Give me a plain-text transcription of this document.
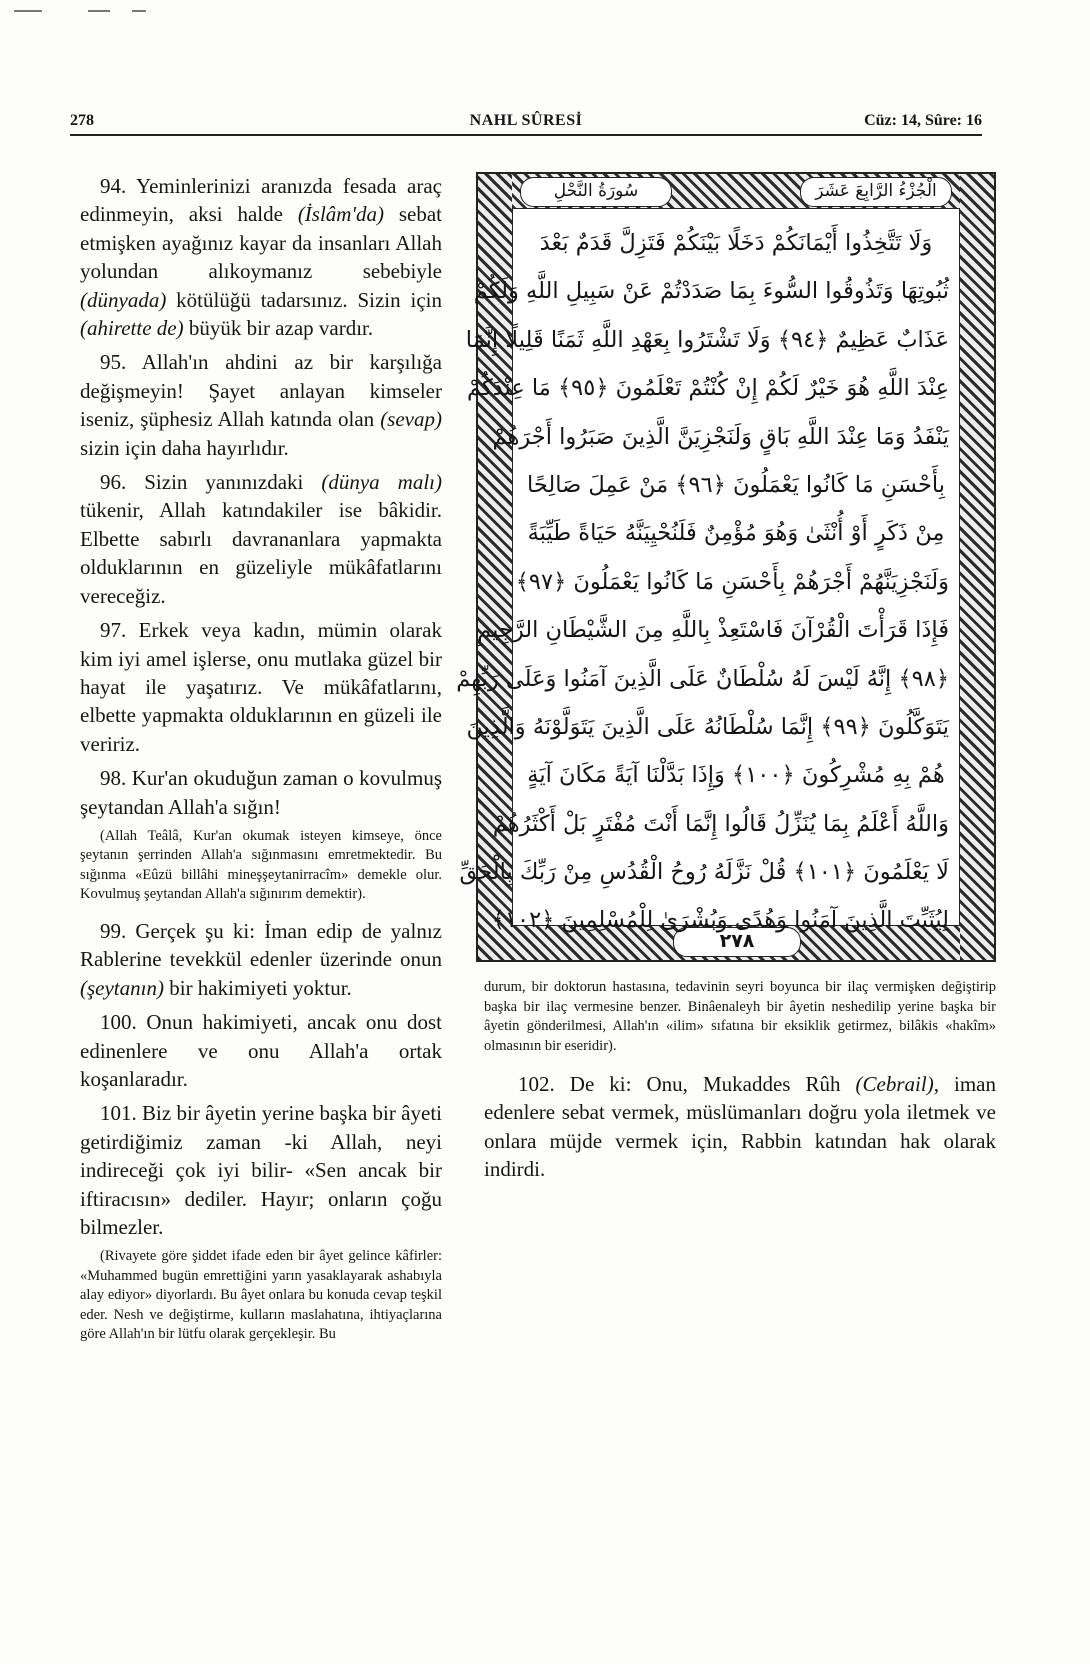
278	NAHL SÛRESİ	Cüz: 14, Sûre: 16

94. Yeminlerinizi aranızda fesada araç edinmeyin, aksi halde (İslâm'da) sebat etmişken ayağınız kayar da insanları Allah yolundan alıkoymanız sebebiyle (dünyada) kötülüğü tadarsınız. Sizin için (ahirette de) büyük bir azap vardır.

95. Allah'ın ahdini az bir karşılığa değişmeyin! Şayet anlayan kimseler iseniz, şüphesiz Allah katında olan (sevap) sizin için daha hayırlıdır.

96. Sizin yanınızdaki (dünya malı) tükenir, Allah katındakiler ise bâkidir. Elbette sabırlı davrananlara yapmakta olduklarının en güzeliyle mükâfatlarını vereceğiz.

97. Erkek veya kadın, mümin olarak kim iyi amel işlerse, onu mutlaka güzel bir hayat ile yaşatırız. Ve mükâfatlarını, elbette yapmakta olduklarının en güzeli ile veririz.

98. Kur'an okuduğun zaman o kovulmuş şeytandan Allah'a sığın!

(Allah Teâlâ, Kur'an okumak isteyen kimseye, önce şeytanın şerrinden Allah'a sığınmasını emretmektedir. Bu sığınma «Eûzü billâhi mineşşeytanirracîm» demekle olur. Kovulmuş şeytandan Allah'a sığınırım demektir).

99. Gerçek şu ki: İman edip de yalnız Rablerine tevekkül edenler üzerinde onun (şeytanın) bir hakimiyeti yoktur.

100. Onun hakimiyeti, ancak onu dost edinenlere ve onu Allah'a ortak koşanlaradır.

101. Biz bir âyetin yerine başka bir âyeti getirdiğimiz zaman -ki Allah, neyi indireceği çok iyi bilir- «Sen ancak bir iftiracısın» dediler. Hayır; onların çoğu bilmezler.

(Rivayete göre şiddet ifade eden bir âyet gelince kâfirler: «Muhammed bugün emrettiğini yarın yasaklayarak ashabıyla alay ediyor» diyorlardı. Bu âyet onlara bu konuda cevap teşkil eder. Nesh ve değiştirme, kulların maslahatına, ihtiyaçlarına göre Allah'ın bir lütfu olarak gerçekleşir. Bu

سُورَةُ النَّحْلِ	الْجُزْءُ الرَّابِعَ عَشَرَ
٢٧٨
وَلَا تَتَّخِذُوا أَيْمَانَكُمْ دَخَلًا بَيْنَكُمْ فَتَزِلَّ قَدَمٌ بَعْدَ
ثُبُوتِهَا وَتَذُوقُوا السُّوءَ بِمَا صَدَدْتُمْ عَنْ سَبِيلِ اللَّهِ وَلَكُمْ
عَذَابٌ عَظِيمٌ ﴿٩٤﴾ وَلَا تَشْتَرُوا بِعَهْدِ اللَّهِ ثَمَنًا قَلِيلًا إِنَّمَا
عِنْدَ اللَّهِ هُوَ خَيْرٌ لَكُمْ إِنْ كُنْتُمْ تَعْلَمُونَ ﴿٩٥﴾ مَا عِنْدَكُمْ
يَنْفَدُ وَمَا عِنْدَ اللَّهِ بَاقٍ وَلَنَجْزِيَنَّ الَّذِينَ صَبَرُوا أَجْرَهُمْ
بِأَحْسَنِ مَا كَانُوا يَعْمَلُونَ ﴿٩٦﴾ مَنْ عَمِلَ صَالِحًا
مِنْ ذَكَرٍ أَوْ أُنْثَىٰ وَهُوَ مُؤْمِنٌ فَلَنُحْيِيَنَّهُ حَيَاةً طَيِّبَةً
وَلَنَجْزِيَنَّهُمْ أَجْرَهُمْ بِأَحْسَنِ مَا كَانُوا يَعْمَلُونَ ﴿٩٧﴾
فَإِذَا قَرَأْتَ الْقُرْآنَ فَاسْتَعِذْ بِاللَّهِ مِنَ الشَّيْطَانِ الرَّجِيمِ
﴿٩٨﴾ إِنَّهُ لَيْسَ لَهُ سُلْطَانٌ عَلَى الَّذِينَ آمَنُوا وَعَلَىٰ رَبِّهِمْ
يَتَوَكَّلُونَ ﴿٩٩﴾ إِنَّمَا سُلْطَانُهُ عَلَى الَّذِينَ يَتَوَلَّوْنَهُ وَالَّذِينَ
هُمْ بِهِ مُشْرِكُونَ ﴿١٠٠﴾ وَإِذَا بَدَّلْنَا آيَةً مَكَانَ آيَةٍ
وَاللَّهُ أَعْلَمُ بِمَا يُنَزِّلُ قَالُوا إِنَّمَا أَنْتَ مُفْتَرٍ بَلْ أَكْثَرُهُمْ
لَا يَعْلَمُونَ ﴿١٠١﴾ قُلْ نَزَّلَهُ رُوحُ الْقُدُسِ مِنْ رَبِّكَ بِالْحَقِّ
لِيُثَبِّتَ الَّذِينَ آمَنُوا وَهُدًى وَبُشْرَىٰ لِلْمُسْلِمِينَ ﴿١٠٢﴾

durum, bir doktorun hastasına, tedavinin seyri boyunca bir ilaç vermişken değiştirip başka bir ilaç vermesine benzer. Binâenaleyh bir âyetin neshedilip yerine başka bir âyetin gönderilmesi, Allah'ın «ilim» sıfatına bir eksiklik getirmez, bilâkis «hakîm» olmasının bir eseridir).

102. De ki: Onu, Mukaddes Rûh (Cebrail), iman edenlere sebat vermek, müslümanları doğru yola iletmek ve onlara müjde vermek için, Rabbin katından hak olarak indirdi.
